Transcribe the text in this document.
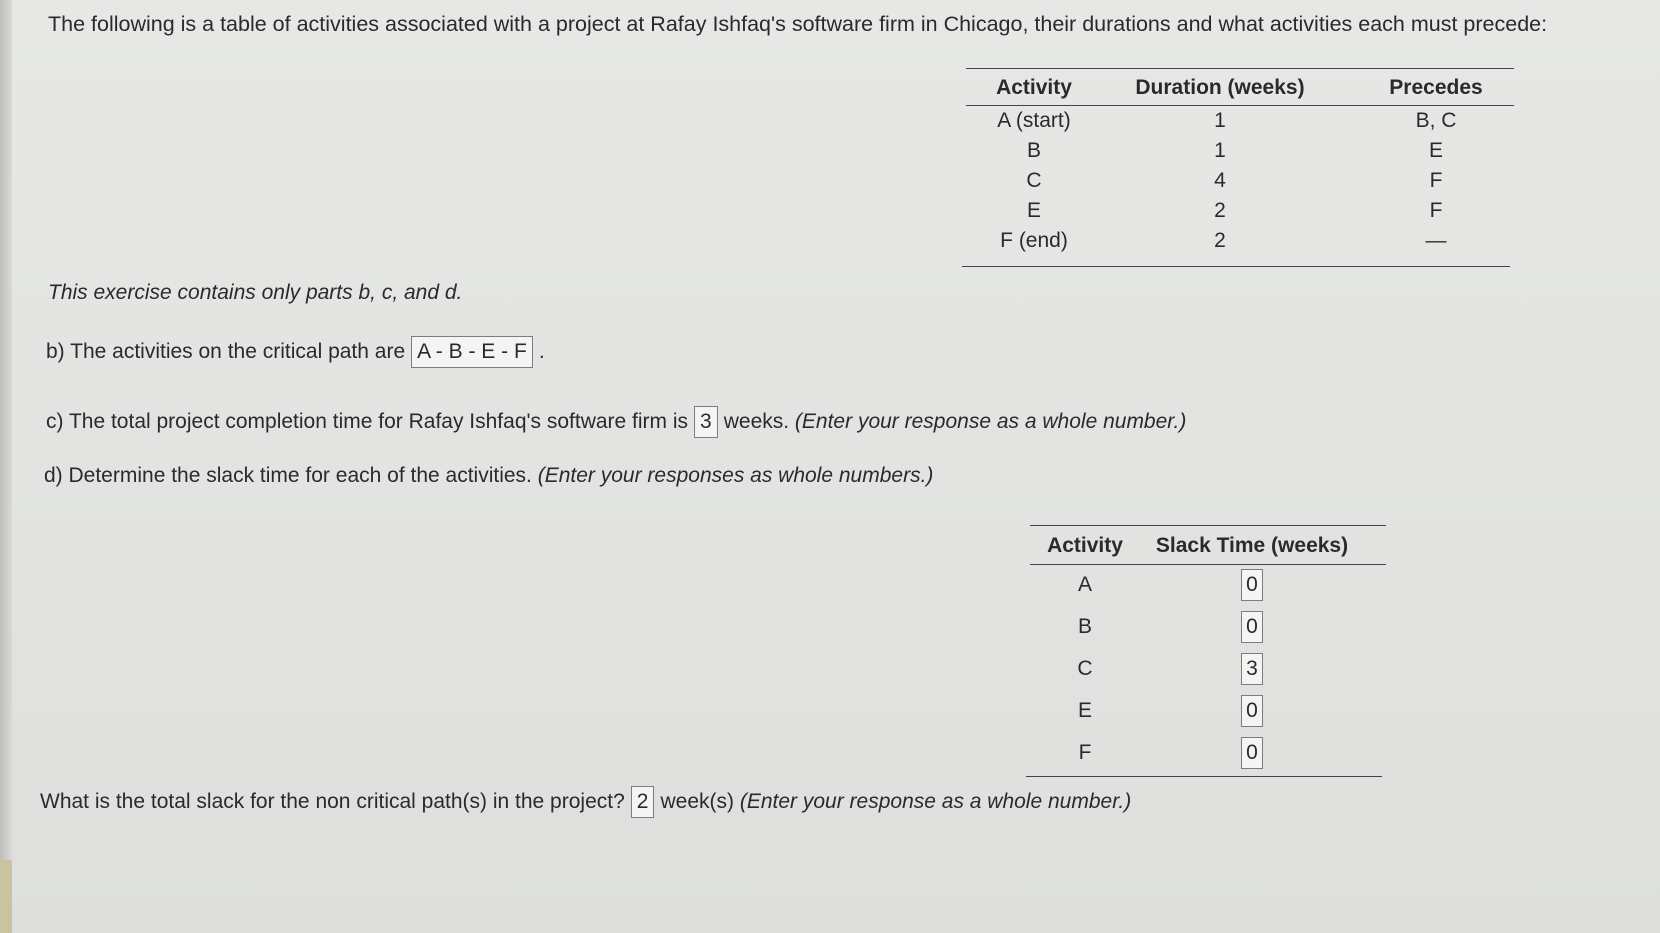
The following is a table of activities associated with a project at Rafay Ishfaq's software firm in Chicago, their durations and what activities each must precede:
Activity	Duration (weeks)	Precedes
A (start)	1	B, C
B	1	E
C	4	F
E	2	F
F (end)	2	—
This exercise contains only parts b, c, and d.
b) The activities on the critical path are A - B - E - F .
c) The total project completion time for Rafay Ishfaq's software firm is 3 weeks. (Enter your response as a whole number.)
d) Determine the slack time for each of the activities. (Enter your responses as whole numbers.)
Activity	Slack Time (weeks)
A	0
B	0
C	3
E	0
F	0
What is the total slack for the non critical path(s) in the project? 2 week(s) (Enter your response as a whole number.)
